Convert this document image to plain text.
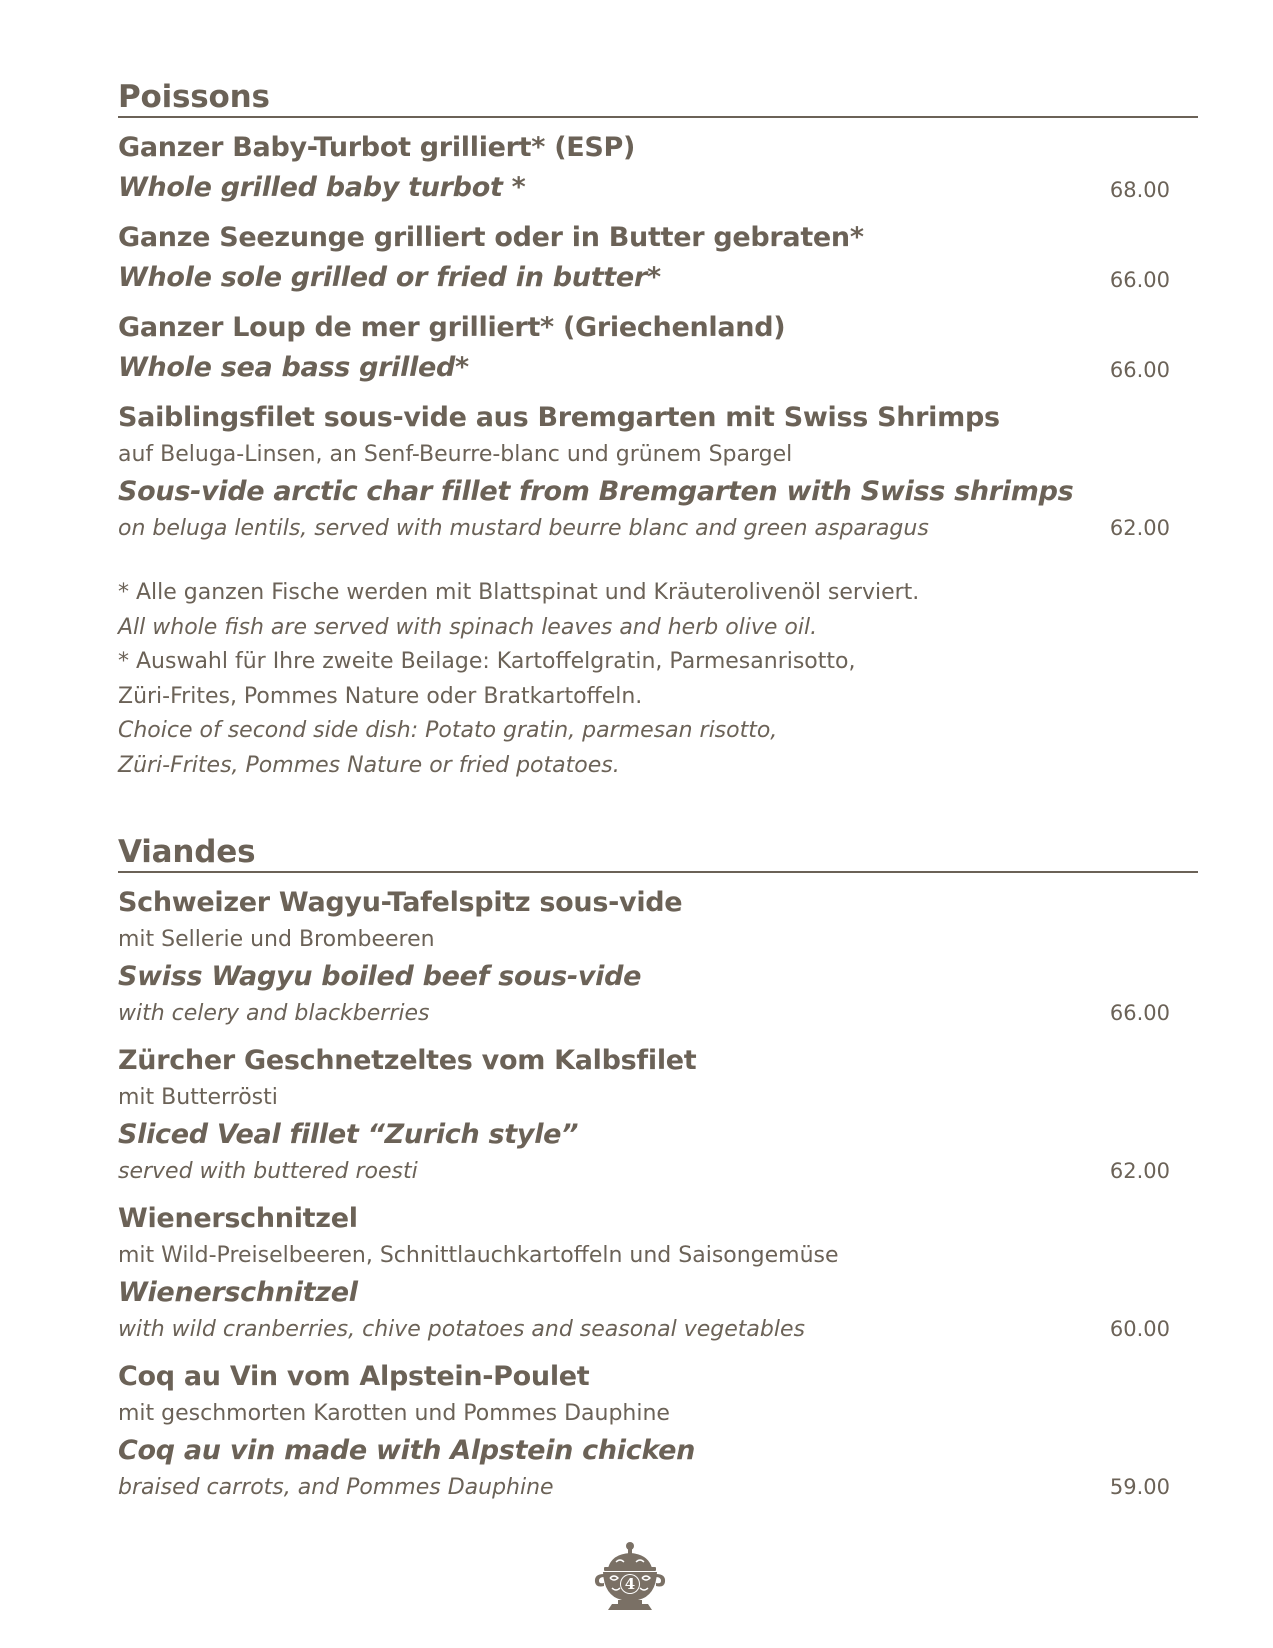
Poissons
Ganzer Baby-Turbot grilliert* (ESP)
Whole grilled baby turbot *	68.00
Ganze Seezunge grilliert oder in Butter gebraten*
Whole sole grilled or fried in butter*	66.00
Ganzer Loup de mer grilliert* (Griechenland)
Whole sea bass grilled*	66.00
Saiblingsfilet sous-vide aus Bremgarten mit Swiss Shrimps
auf Beluga-Linsen, an Senf-Beurre-blanc und grünem Spargel
Sous-vide arctic char fillet from Bremgarten with Swiss shrimps
on beluga lentils, served with mustard beurre blanc and green asparagus	62.00
* Alle ganzen Fische werden mit Blattspinat und Kräuterolivenöl serviert.
All whole fish are served with spinach leaves and herb olive oil.
* Auswahl für Ihre zweite Beilage: Kartoffelgratin, Parmesanrisotto,
Züri-Frites, Pommes Nature oder Bratkartoffeln.
Choice of second side dish: Potato gratin, parmesan risotto,
Züri-Frites, Pommes Nature or fried potatoes.
Viandes
Schweizer Wagyu-Tafelspitz sous-vide
mit Sellerie und Brombeeren
Swiss Wagyu boiled beef sous-vide
with celery and blackberries	66.00
Zürcher Geschnetzeltes vom Kalbsfilet
mit Butterrösti
Sliced Veal fillet “Zurich style”
served with buttered roesti	62.00
Wienerschnitzel
mit Wild-Preiselbeeren, Schnittlauchkartoffeln und Saisongemüse
Wienerschnitzel
with wild cranberries, chive potatoes and seasonal vegetables	60.00
Coq au Vin vom Alpstein-Poulet
mit geschmorten Karotten und Pommes Dauphine
Coq au vin made with Alpstein chicken
braised carrots, and Pommes Dauphine	59.00
4
